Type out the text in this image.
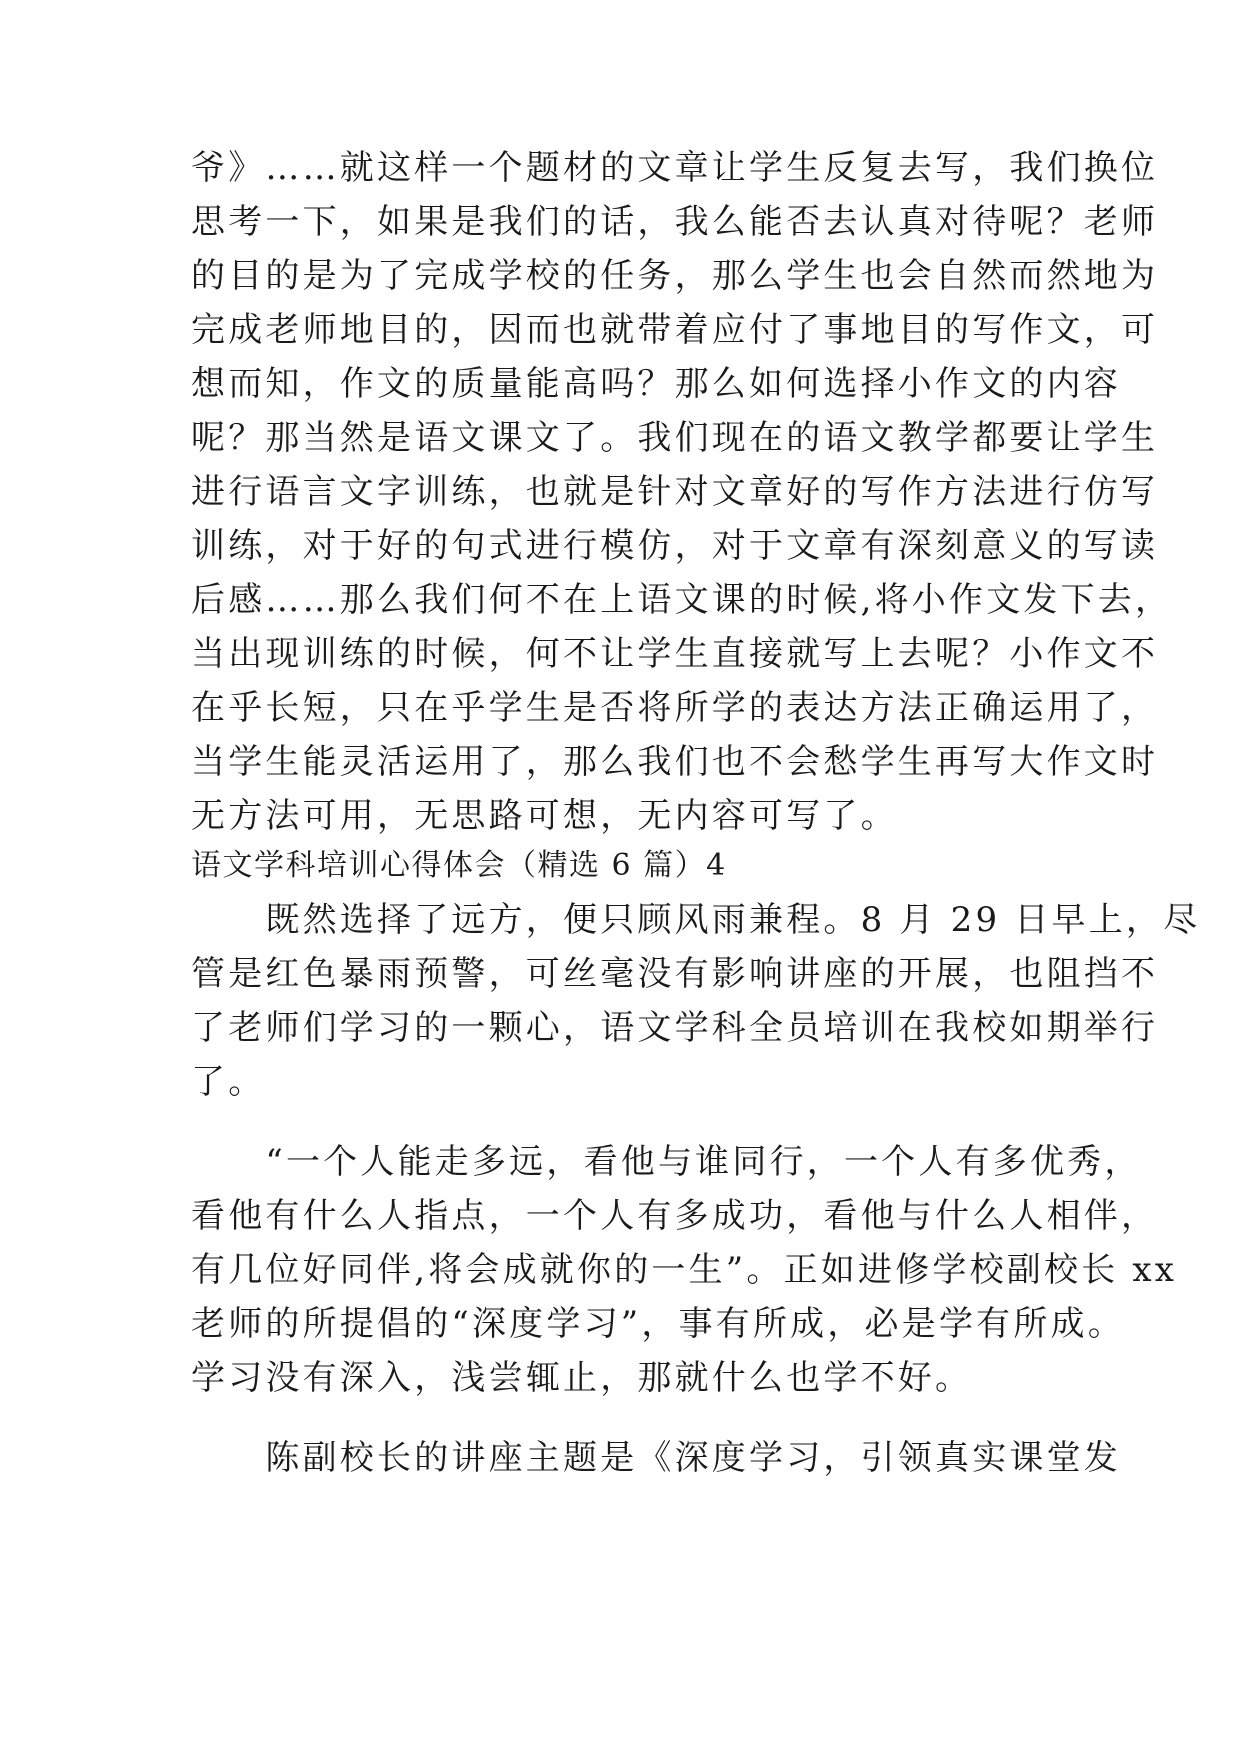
爷》……就这样一个题材的文章让学生反复去写，我们换位
思考一下，如果是我们的话，我么能否去认真对待呢？老师
的目的是为了完成学校的任务，那么学生也会自然而然地为
完成老师地目的，因而也就带着应付了事地目的写作文，可
想而知，作文的质量能高吗？那么如何选择小作文的内容
呢？那当然是语文课文了。我们现在的语文教学都要让学生
进行语言文字训练，也就是针对文章好的写作方法进行仿写
训练，对于好的句式进行模仿，对于文章有深刻意义的写读
后感……那么我们何不在上语文课的时候,将小作文发下去，
当出现训练的时候，何不让学生直接就写上去呢？小作文不
在乎长短，只在乎学生是否将所学的表达方法正确运用了，
当学生能灵活运用了，那么我们也不会愁学生再写大作文时
无方法可用，无思路可想，无内容可写了。
语文学科培训心得体会（精选 6 篇）4
　　既然选择了远方，便只顾风雨兼程。8 月 29 日早上，尽
管是红色暴雨预警，可丝毫没有影响讲座的开展，也阻挡不
了老师们学习的一颗心，语文学科全员培训在我校如期举行
了。
　　“一个人能走多远，看他与谁同行，一个人有多优秀，
看他有什么人指点，一个人有多成功，看他与什么人相伴，
有几位好同伴,将会成就你的一生”。正如进修学校副校长 xx
老师的所提倡的“深度学习”，事有所成，必是学有所成。
学习没有深入，浅尝辄止，那就什么也学不好。
　　陈副校长的讲座主题是《深度学习，引领真实课堂发
